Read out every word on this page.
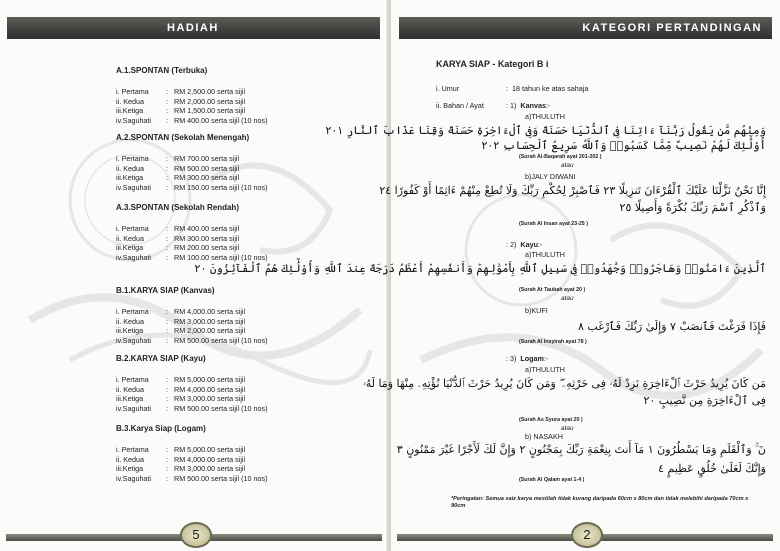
HADIAH
A.1.SPONTAN (Terbuka)
i. Pertama : RM 2,500.00 serta sijil
ii. Kedua	: RM 2,000.00 serta sijil
iii.Ketiga	: RM 1,500.00 serta sijil
iv.Saguhati : RM 400.00 serta sijil (10 nos)
A.2.SPONTAN (Sekolah Menengah)
i. Pertama : RM 700.00 serta sijil
ii. Kedua	: RM 500.00 serta sijil
iii.Ketiga	: RM 300.00 serta sijil
iv.Saguhati : RM 150.00 serta sijil (10 nos)
A.3.SPONTAN (Sekolah Rendah)
i. Pertama : RM 400.00 serta sijil
ii. Kedua	: RM 300.00 serta sijil
iii.Ketiga	: RM 200.00 serta sijil
iv.Saguhati : RM 100.00 serta sijil (10 nos)
B.1.KARYA SIAP (Kanvas)
i. Pertama : RM 4,000.00 serta sijil
ii. Kedua	: RM 3,000.00 serta sijil
iii.Ketiga	: RM 2,000.00 serta sijil
iv.Saguhati : RM 500.00 serta sijil (10 nos)
B.2.KARYA SIAP (Kayu)
i. Pertama : RM 5,000.00 serta sijil
ii. Kedua	: RM 4,000.00 serta sijil
iii.Ketiga	: RM 3,000.00 serta sijil
iv.Saguhati : RM 500.00 serta sijil (10 nos)
B.3.Karya Siap (Logam)
i. Pertama : RM 5,000.00 serta sijil
ii. Kedua	: RM 4,000.00 serta sijil
iii.Ketiga	: RM 3,000.00 serta sijil
iv.Saguhati : RM 500.00 serta sijil (10 nos)
5
KATEGORI PERTANDINGAN
KARYA SIAP - Kategori B i
i. Umur	:  18 tahun ke atas sahaja
ii. Bahan / Ayat	: 1) Kanvas:-
a)THULUTH
وَمِنْهُم مَّن يَقُولُ رَبَّنَآ ءَاتِنَا فِى ٱلدُّنْيَا حَسَنَةً وَفِى ٱلْءَاخِرَةِ حَسَنَةً وَقِنَا عَذَابَ ٱلنَّارِ ٢٠١
أُوْلَٰٓئِكَ لَهُمْ نَصِيبٌ مِّمَّا كَسَبُوا۟ وَٱللَّهُ سَرِيعُ ٱلْحِسَابِ ٢٠٢
(Surah Al-Baqarah ayat 201-202 )
atau
b)JALY DIWANI
إِنَّا نَحْنُ نَزَّلْنَا عَلَيْكَ ٱلْقُرْءَانَ تَنزِيلًا ٢٣ فَٱصْبِرْ لِحُكْمِ رَبِّكَ وَلَا تُطِعْ مِنْهُمْ ءَاثِمًا أَوْ كَفُورًا ٢٤
وَٱذْكُرِ ٱسْمَ رَبِّكَ بُكْرَةً وَأَصِيلًا ٢٥
(Surah Al Insan ayat 23-25 )
: 2) Kayu:-
a)THULUTH
ٱلَّذِينَ ءَامَنُوا۟ وَهَاجَرُوا۟ وَجَٰهَدُوا۟ فِى سَبِيلِ ٱللَّهِ بِأَمْوَٰلِهِمْ وَأَنفُسِهِمْ أَعْظَمُ دَرَجَةً عِندَ ٱللَّهِ وَأُوْلَٰٓئِكَ هُمُ ٱلْفَآئِزُونَ ٢٠
(Surah At Taubah ayat 20 )
atau
b)KUFI
فَإِذَا فَرَغْتَ فَٱنصَبْ ٧ وَإِلَىٰ رَبِّكَ فَٱرْغَب ٨
(Surah Al Insyirah ayat 78 )
: 3) Logam:-
a)THULUTH
مَن كَانَ يُرِيدُ حَرْثَ ٱلْءَاخِرَةِ نَزِدْ لَهُۥ فِى حَرْثِهِۦ ۖ وَمَن كَانَ يُرِيدُ حَرْثَ ٱلدُّنْيَا نُؤْتِهِۦ مِنْهَا وَمَا لَهُۥ
فِى ٱلْءَاخِرَةِ مِن نَّصِيبٍ ٢٠
(Surah As Syura ayat 20 )
atau
b) NASAKH
نٓ ۚ وَٱلْقَلَمِ وَمَا يَسْطُرُونَ ١ مَآ أَنتَ بِنِعْمَةِ رَبِّكَ بِمَجْنُونٍ ٢ وَإِنَّ لَكَ لَأَجْرًا غَيْرَ مَمْنُونٍ ٣
وَإِنَّكَ لَعَلَىٰ خُلُقٍ عَظِيمٍ ٤
(Surah Al Qalam ayat 1-4 )
*Peringatan: Semua saiz karya mestilah tidak kurang daripada 60cm x 80cm dan tidak melebihi daripada 70cm x 90cm
2
